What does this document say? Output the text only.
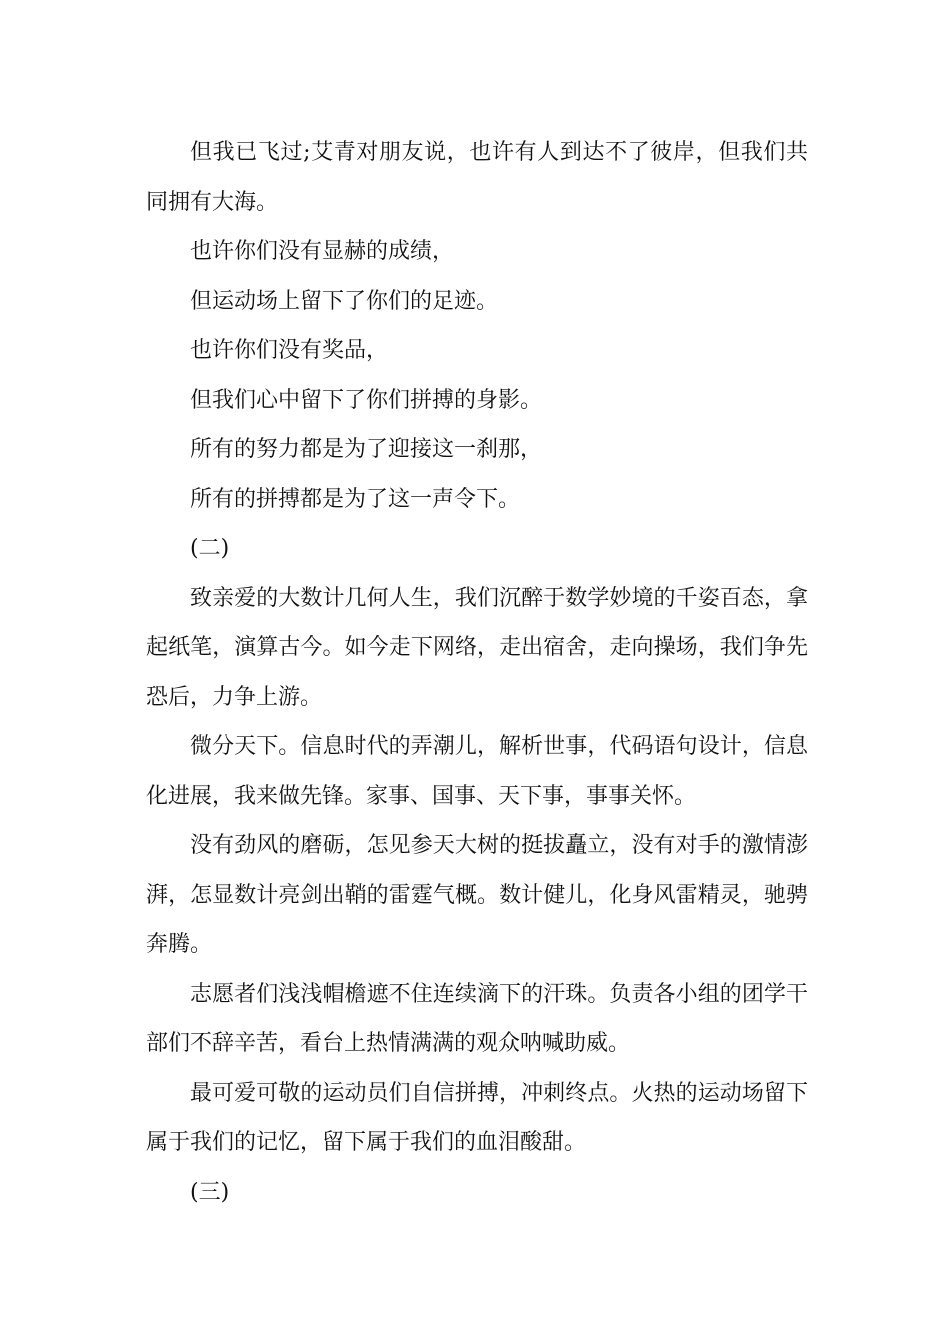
但我已飞过;艾青对朋友说，也许有人到达不了彼岸，但我们共同拥有大海。

也许你们没有显赫的成绩，

但运动场上留下了你们的足迹。

也许你们没有奖品，

但我们心中留下了你们拼搏的身影。

所有的努力都是为了迎接这一刹那，

所有的拼搏都是为了这一声令下。

(二)

致亲爱的大数计几何人生，我们沉醉于数学妙境的千姿百态，拿起纸笔，演算古今。如今走下网络，走出宿舍，走向操场，我们争先恐后，力争上游。

微分天下。信息时代的弄潮儿，解析世事，代码语句设计，信息化进展，我来做先锋。家事、国事、天下事，事事关怀。

没有劲风的磨砺，怎见参天大树的挺拔矗立，没有对手的激情澎湃，怎显数计亮剑出鞘的雷霆气概。数计健儿，化身风雷精灵，驰骋奔腾。

志愿者们浅浅帽檐遮不住连续滴下的汗珠。负责各小组的团学干部们不辞辛苦，看台上热情满满的观众呐喊助威。

最可爱可敬的运动员们自信拼搏，冲刺终点。火热的运动场留下属于我们的记忆，留下属于我们的血泪酸甜。

(三)
